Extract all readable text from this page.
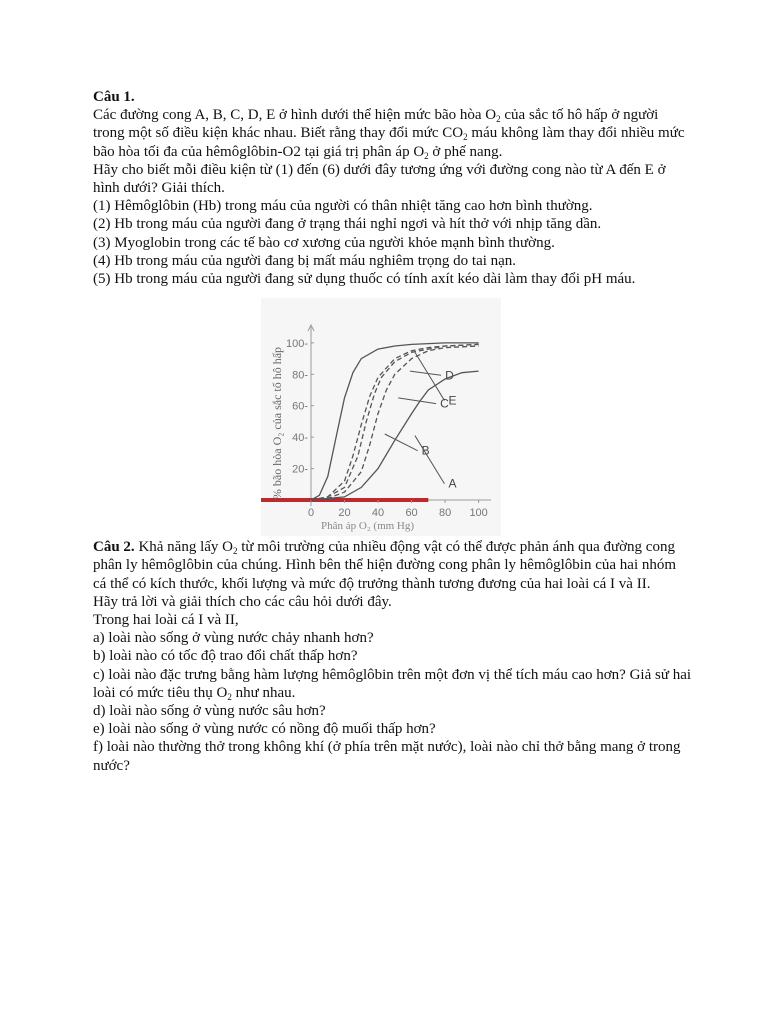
Câu 1.

Các đường cong A, B, C, D, E ở hình dưới thể hiện mức bão hòa $O_2$ của sắc tố hô hấp ở người trong một số điều kiện khác nhau. Biết rằng thay đổi mức $CO_2$ máu không làm thay đổi nhiều mức bão hòa tối đa của hêmôglôbin-O2 tại giá trị phân áp $O_2$ ở phế nang.

Hãy cho biết mỗi điều kiện từ (1) đến (6) dưới đây tương ứng với đường cong nào từ A đến E ở hình dưới? Giải thích.

(1) Hêmôglôbin (Hb) trong máu của người có thân nhiệt tăng cao hơn bình thường.

(2) Hb trong máu của người đang ở trạng thái nghỉ ngơi và hít thở với nhịp tăng dần.

(3) Myoglobin trong các tế bào cơ xương của người khỏe mạnh bình thường.

(4) Hb trong máu của người đang bị mất máu nghiêm trọng do tai nạn.

(5) Hb trong máu của người đang sử dụng thuốc có tính axít kéo dài làm thay đổi pH máu.

20-
40-
60-
80-
100-
0 20 40 60 80 100
E
D
C
B
A
% bão hòa O₂ của sắc tố hô hấp
Phân áp O₂ (mm Hg)

Câu 2. Khả năng lấy $O_2$ từ môi trường của nhiều động vật có thể được phản ánh qua đường cong phân ly hêmôglôbin của chúng. Hình bên thể hiện đường cong phân ly hêmôglôbin của hai nhóm cá thể có kích thước, khối lượng và mức độ trưởng thành tương đương của hai loài cá I và II.

Hãy trả lời và giải thích cho các câu hỏi dưới đây.

Trong hai loài cá I và II,

a) loài nào sống ở vùng nước chảy nhanh hơn?

b) loài nào có tốc độ trao đổi chất thấp hơn?

c) loài nào đặc trưng bằng hàm lượng hêmôglôbin trên một đơn vị thể tích máu cao hơn? Giả sử hai loài có mức tiêu thụ $O_2$ như nhau.

d) loài nào sống ở vùng nước sâu hơn?

e) loài nào sống ở vùng nước có nồng độ muối thấp hơn?

f) loài nào thường thở trong không khí (ở phía trên mặt nước), loài nào chỉ thở bằng mang ở trong nước?
